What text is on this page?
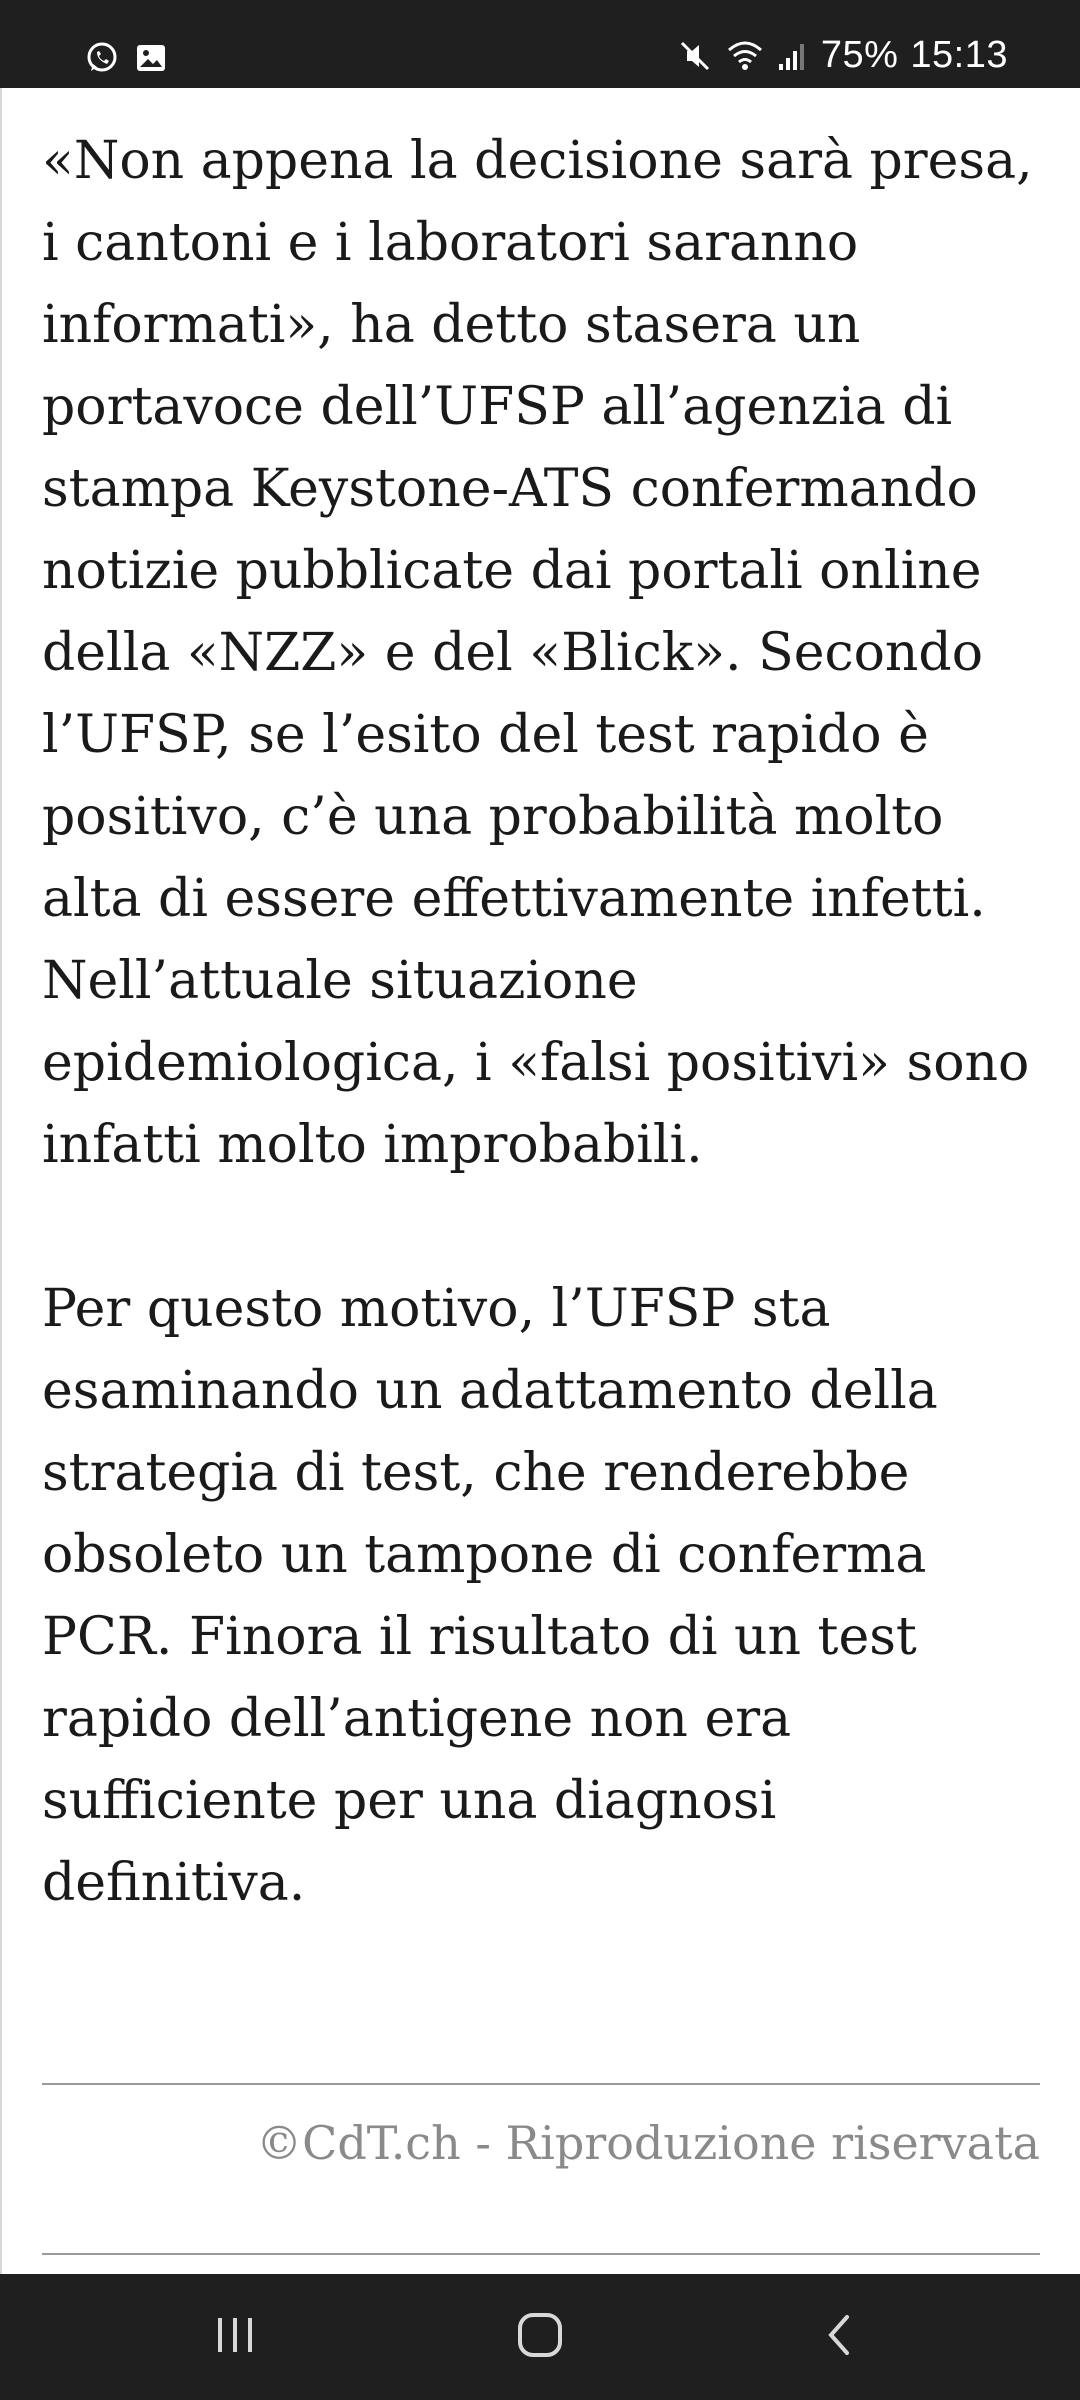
75% 15:13

«Non appena la decisione sarà presa, i cantoni e i laboratori saranno informati», ha detto stasera un portavoce dell’UFSP all’agenzia di stampa Keystone-ATS confermando notizie pubblicate dai portali online della «NZZ» e del «Blick». Secondo l’UFSP, se l’esito del test rapido è positivo, c’è una probabilità molto alta di essere effettivamente infetti. Nell’attuale situazione epidemiologica, i «falsi positivi» sono infatti molto improbabili.

Per questo motivo, l’UFSP sta esaminando un adattamento della strategia di test, che renderebbe obsoleto un tampone di conferma PCR. Finora il risultato di un test rapido dell’antigene non era sufficiente per una diagnosi definitiva.

©CdT.ch - Riproduzione riservata
